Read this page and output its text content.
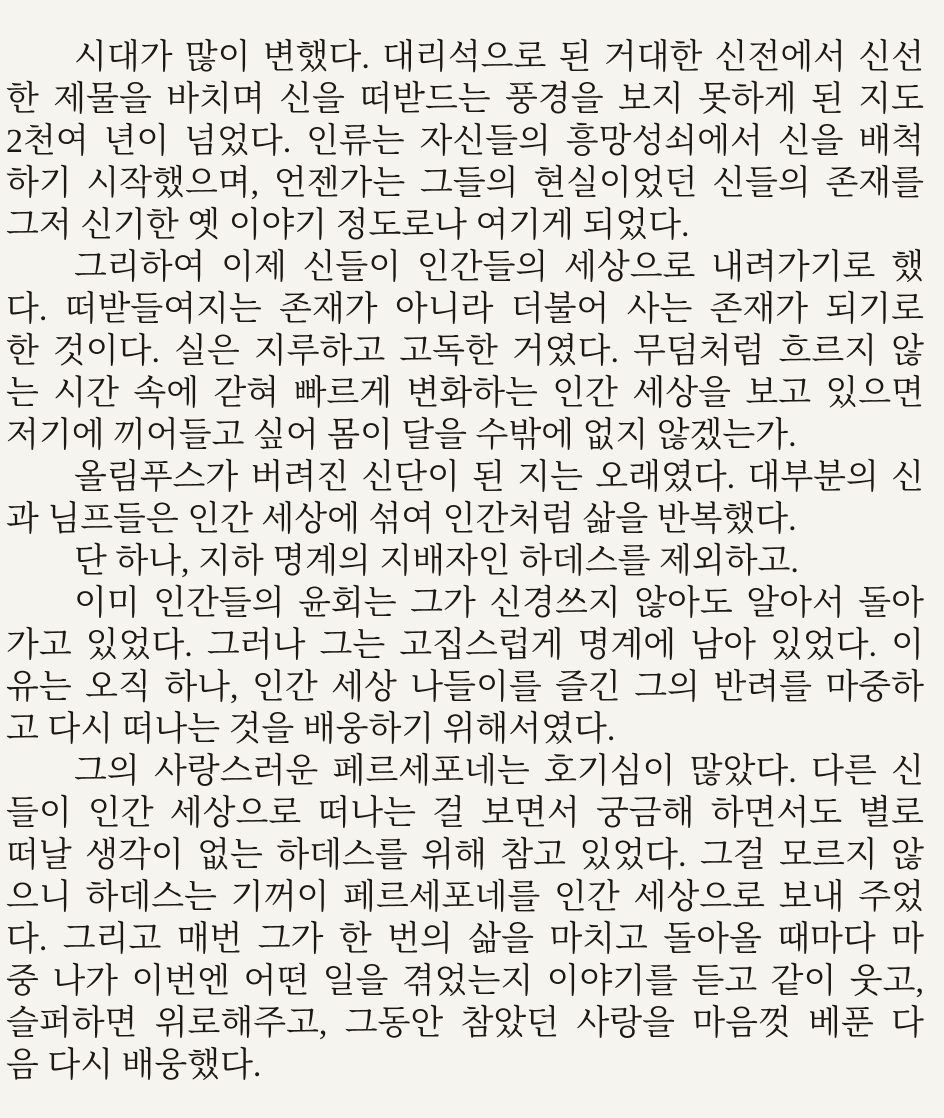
시대가 많이 변했다. 대리석으로 된 거대한 신전에서 신선
한 제물을 바치며 신을 떠받드는 풍경을 보지 못하게 된 지도
2천여 년이 넘었다. 인류는 자신들의 흥망성쇠에서 신을 배척
하기 시작했으며, 언젠가는 그들의 현실이었던 신들의 존재를
그저 신기한 옛 이야기 정도로나 여기게 되었다.
그리하여 이제 신들이 인간들의 세상으로 내려가기로 했
다. 떠받들여지는 존재가 아니라 더불어 사는 존재가 되기로
한 것이다. 실은 지루하고 고독한 거였다. 무덤처럼 흐르지 않
는 시간 속에 갇혀 빠르게 변화하는 인간 세상을 보고 있으면
저기에 끼어들고 싶어 몸이 달을 수밖에 없지 않겠는가.
올림푸스가 버려진 신단이 된 지는 오래였다. 대부분의 신
과 님프들은 인간 세상에 섞여 인간처럼 삶을 반복했다.
단 하나, 지하 명계의 지배자인 하데스를 제외하고.
이미 인간들의 윤회는 그가 신경쓰지 않아도 알아서 돌아
가고 있었다. 그러나 그는 고집스럽게 명계에 남아 있었다. 이
유는 오직 하나, 인간 세상 나들이를 즐긴 그의 반려를 마중하
고 다시 떠나는 것을 배웅하기 위해서였다.
그의 사랑스러운 페르세포네는 호기심이 많았다. 다른 신
들이 인간 세상으로 떠나는 걸 보면서 궁금해 하면서도 별로
떠날 생각이 없는 하데스를 위해 참고 있었다. 그걸 모르지 않
으니 하데스는 기꺼이 페르세포네를 인간 세상으로 보내 주었
다. 그리고 매번 그가 한 번의 삶을 마치고 돌아올 때마다 마
중 나가 이번엔 어떤 일을 겪었는지 이야기를 듣고 같이 웃고,
슬퍼하면 위로해주고, 그동안 참았던 사랑을 마음껏 베푼 다
음 다시 배웅했다.
